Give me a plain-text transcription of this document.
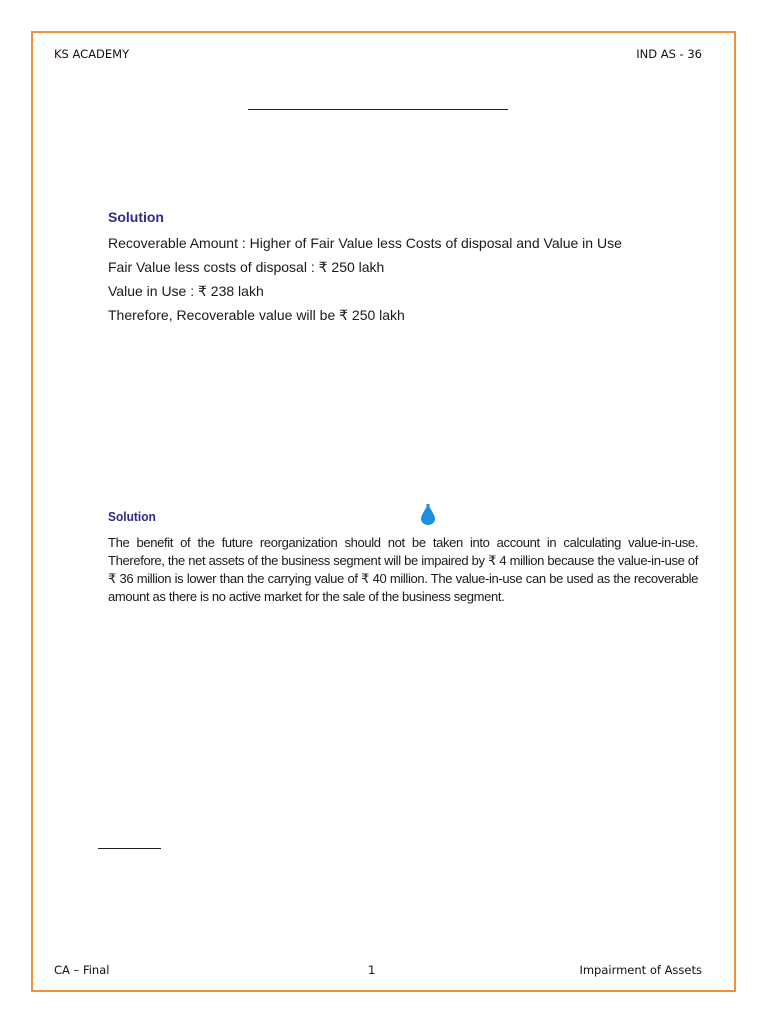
KS ACADEMY	IND AS - 36
Solution
Recoverable Amount : Higher of Fair Value less Costs of disposal and Value in Use
Fair Value less costs of disposal : ₹ 250 lakh
Value in Use : ₹ 238 lakh
Therefore, Recoverable value will be ₹ 250 lakh
Solution
The benefit of the future reorganization should not be taken into account in calculating value-in-use. Therefore, the net assets of the business segment will be impaired by ₹ 4 million because the value-in-use of ₹ 36 million is lower than the carrying value of ₹ 40 million. The value-in-use can be used as the recoverable amount as there is no active market for the sale of the business segment.
CA – Final	1	Impairment of Assets
